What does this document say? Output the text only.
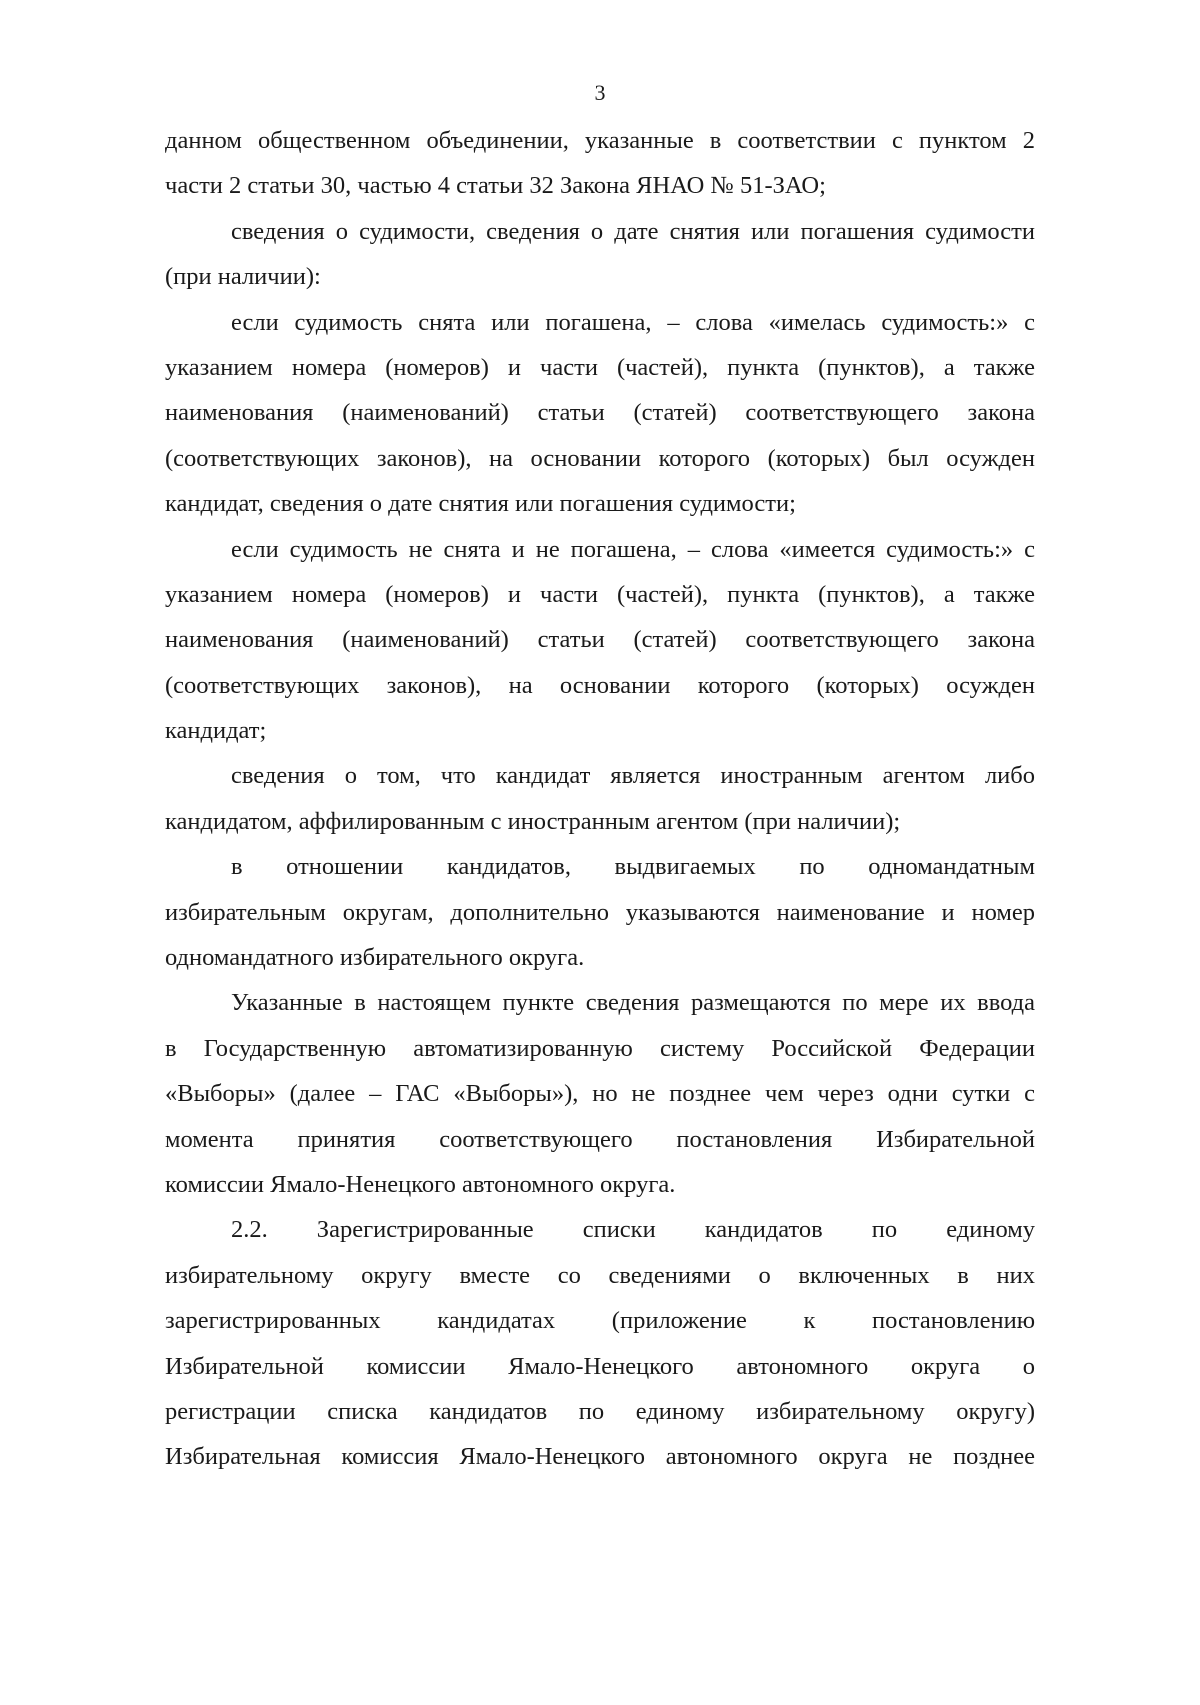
3
данном общественном объединении, указанные в соответствии с пунктом 2
части 2 статьи 30, частью 4 статьи 32 Закона ЯНАО № 51-ЗАО;
сведения о судимости, сведения о дате снятия или погашения судимости
(при наличии):
если судимость снята или погашена, – слова «имелась судимость:» с
указанием номера (номеров) и части (частей), пункта (пунктов), а также
наименования (наименований) статьи (статей) соответствующего закона
(соответствующих законов), на основании которого (которых) был осужден
кандидат, сведения о дате снятия или погашения судимости;
если судимость не снята и не погашена, – слова «имеется судимость:» с
указанием номера (номеров) и части (частей), пункта (пунктов), а также
наименования (наименований) статьи (статей) соответствующего закона
(соответствующих законов), на основании которого (которых) осужден
кандидат;
сведения о том, что кандидат является иностранным агентом либо
кандидатом, аффилированным с иностранным агентом (при наличии);
в отношении кандидатов, выдвигаемых по одномандатным
избирательным округам, дополнительно указываются наименование и номер
одномандатного избирательного округа.
Указанные в настоящем пункте сведения размещаются по мере их ввода
в Государственную автоматизированную систему Российской Федерации
«Выборы» (далее – ГАС «Выборы»), но не позднее чем через одни сутки с
момента принятия соответствующего постановления Избирательной
комиссии Ямало-Ненецкого автономного округа.
2.2. Зарегистрированные списки кандидатов по единому
избирательному округу вместе со сведениями о включенных в них
зарегистрированных кандидатах (приложение к постановлению
Избирательной комиссии Ямало-Ненецкого автономного округа о
регистрации списка кандидатов по единому избирательному округу)
Избирательная комиссия Ямало-Ненецкого автономного округа не позднее
